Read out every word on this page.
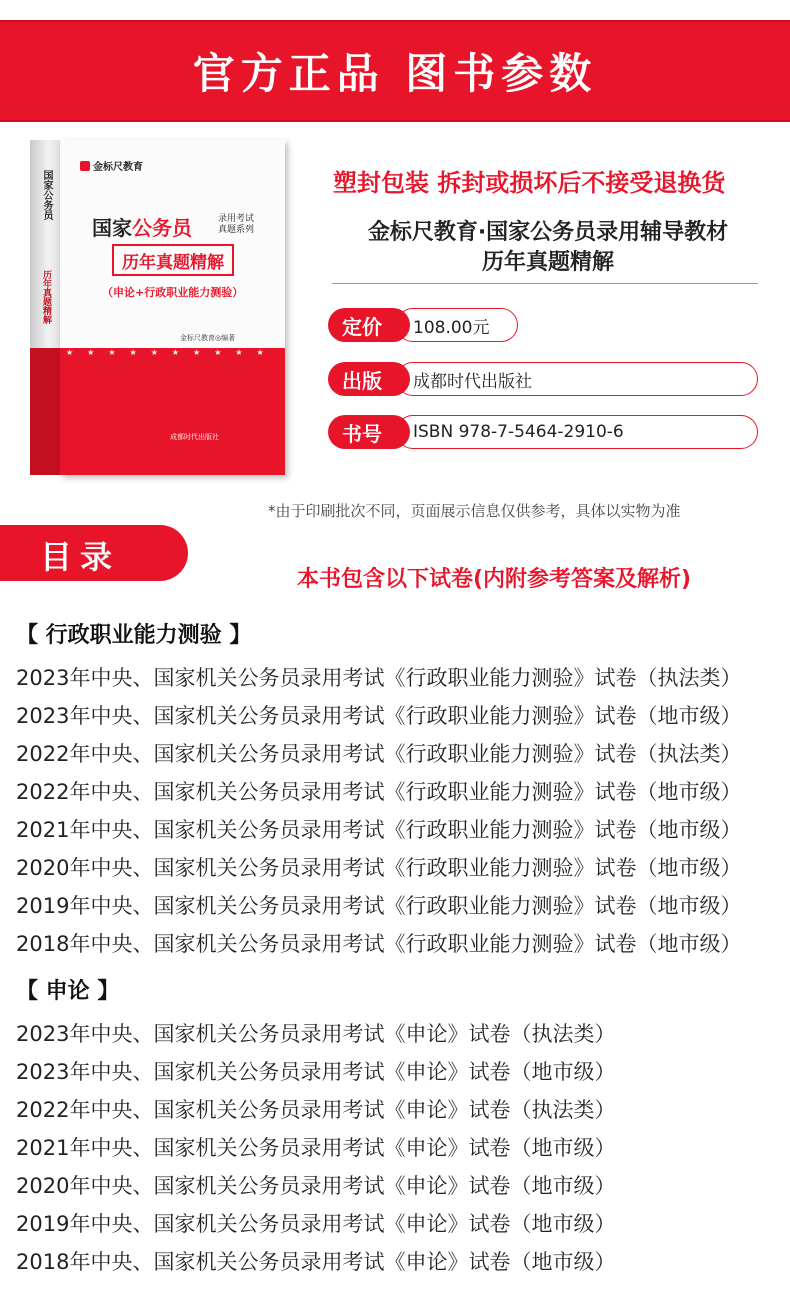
官方正品 图书参数
国家公务员
历年真题精解
金标尺教育
国家公务员	录用考试
真题系列
历年真题精解
（申论+行政职业能力测验）
金标尺教育◎编著
★★★★★★★★★★
成都时代出版社
塑封包装 拆封或损坏后不接受退换货
金标尺教育·国家公务员录用辅导教材
历年真题精解
108.00元
定价
成都时代出版社
出版
ISBN 978-7-5464-2910-6
书号
*由于印刷批次不同，页面展示信息仅供参考，具体以实物为准
目录
本书包含以下试卷(内附参考答案及解析)
【 行政职业能力测验 】
2023年中央、国家机关公务员录用考试《行政职业能力测验》试卷（执法类）
2023年中央、国家机关公务员录用考试《行政职业能力测验》试卷（地市级）
2022年中央、国家机关公务员录用考试《行政职业能力测验》试卷（执法类）
2022年中央、国家机关公务员录用考试《行政职业能力测验》试卷（地市级）
2021年中央、国家机关公务员录用考试《行政职业能力测验》试卷（地市级）
2020年中央、国家机关公务员录用考试《行政职业能力测验》试卷（地市级）
2019年中央、国家机关公务员录用考试《行政职业能力测验》试卷（地市级）
2018年中央、国家机关公务员录用考试《行政职业能力测验》试卷（地市级）
【 申论 】
2023年中央、国家机关公务员录用考试《申论》试卷（执法类）
2023年中央、国家机关公务员录用考试《申论》试卷（地市级）
2022年中央、国家机关公务员录用考试《申论》试卷（执法类）
2021年中央、国家机关公务员录用考试《申论》试卷（地市级）
2020年中央、国家机关公务员录用考试《申论》试卷（地市级）
2019年中央、国家机关公务员录用考试《申论》试卷（地市级）
2018年中央、国家机关公务员录用考试《申论》试卷（地市级）
